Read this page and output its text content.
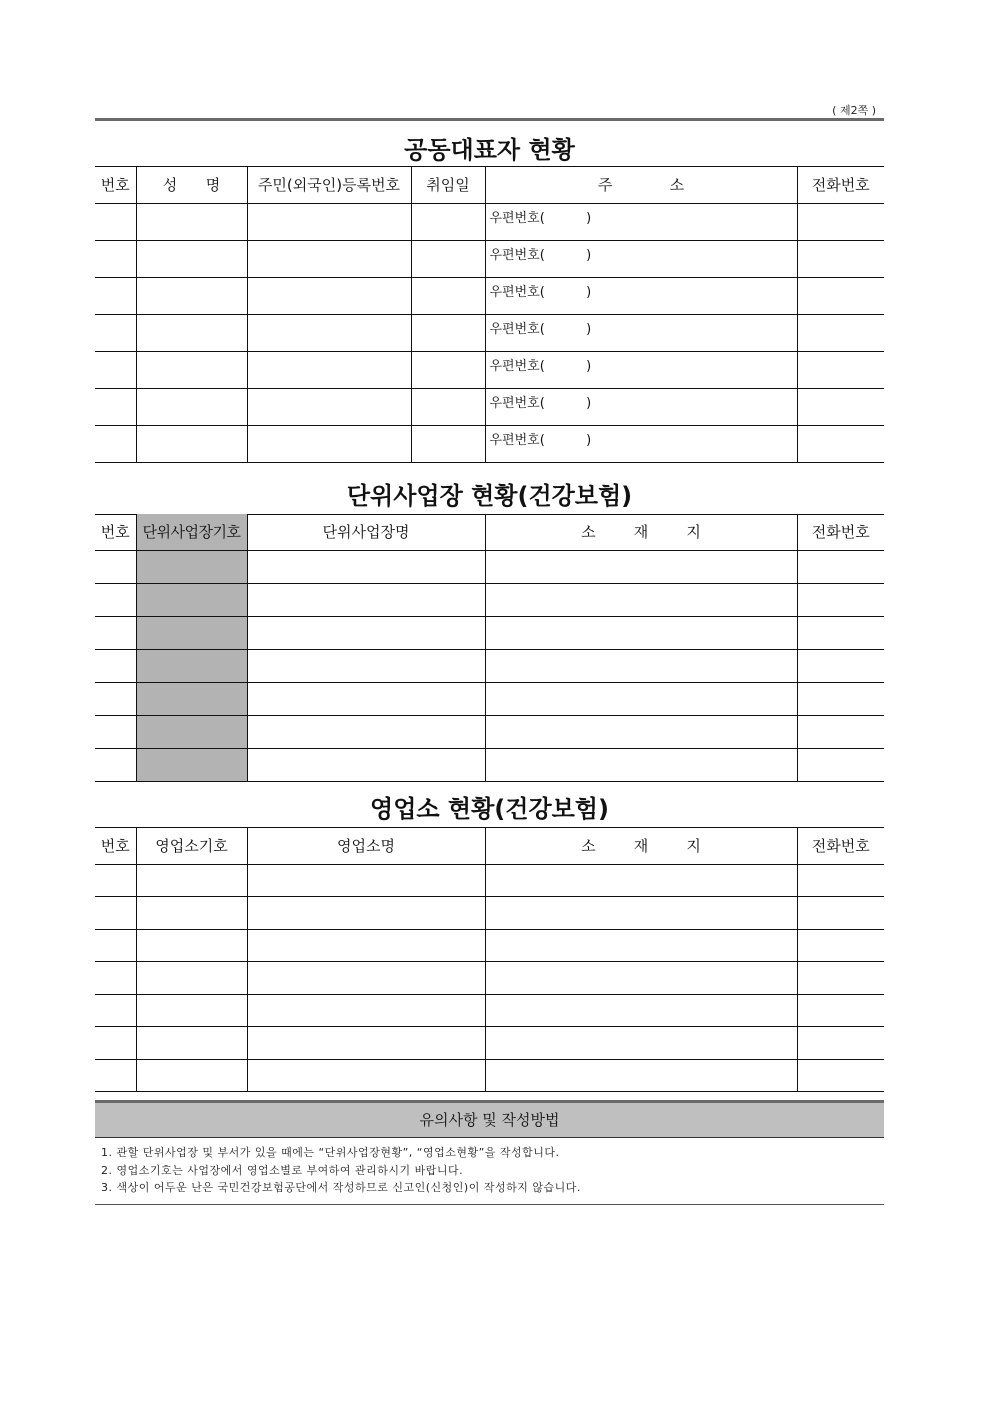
( 제2쪽 )
공동대표자 현황
번호	성      명	주민(외국인)등록번호	취임일	주            소	전화번호
				우편번호(          )	
				우편번호(          )	
				우편번호(          )	
				우편번호(          )	
				우편번호(          )	
				우편번호(          )	
				우편번호(          )	
단위사업장 현황(건강보험)
번호	단위사업장기호	단위사업장명	소        재        지	전화번호

영업소 현황(건강보험)
번호	영업소기호	영업소명	소        재        지	전화번호

유의사항 및 작성방법
1. 관할 단위사업장 및 부서가 있을 때에는 “단위사업장현황”, “영업소현황”을 작성합니다.
2. 영업소기호는 사업장에서 영업소별로 부여하여 관리하시기 바랍니다.
3. 색상이 어두운 난은 국민건강보험공단에서 작성하므로 신고인(신청인)이 작성하지 않습니다.
